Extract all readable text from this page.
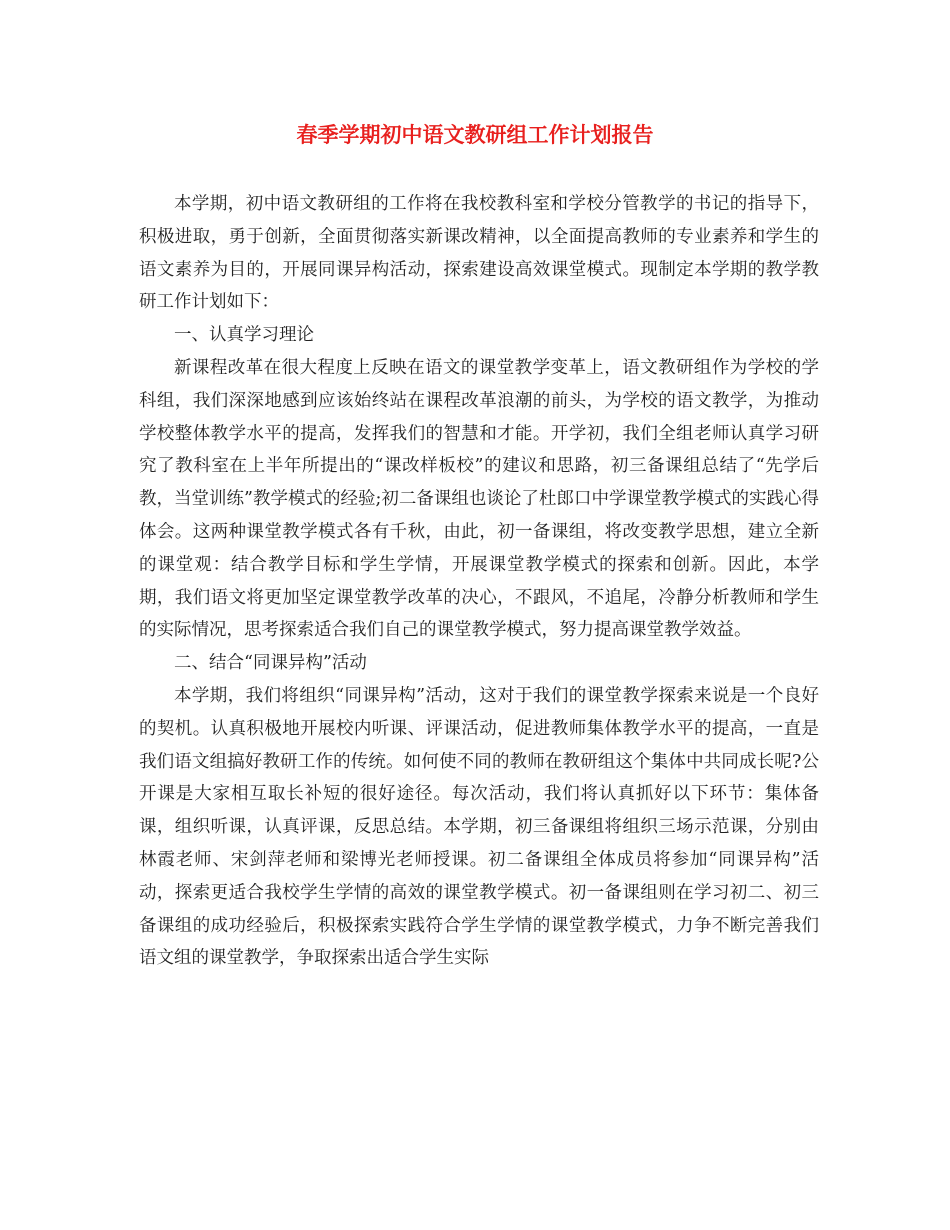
春季学期初中语文教研组工作计划报告

本学期，初中语文教研组的工作将在我校教科室和学校分管教学的书记的指导下，积极进取，勇于创新，全面贯彻落实新课改精神，以全面提高教师的专业素养和学生的语文素养为目的，开展同课异构活动，探索建设高效课堂模式。现制定本学期的教学教研工作计划如下：

一、认真学习理论

新课程改革在很大程度上反映在语文的课堂教学变革上，语文教研组作为学校的学科组，我们深深地感到应该始终站在课程改革浪潮的前头，为学校的语文教学，为推动学校整体教学水平的提高，发挥我们的智慧和才能。开学初，我们全组老师认真学习研究了教科室在上半年所提出的“课改样板校”的建议和思路，初三备课组总结了“先学后教，当堂训练”教学模式的经验;初二备课组也谈论了杜郎口中学课堂教学模式的实践心得体会。这两种课堂教学模式各有千秋，由此，初一备课组，将改变教学思想，建立全新的课堂观：结合教学目标和学生学情，开展课堂教学模式的探索和创新。因此，本学期，我们语文将更加坚定课堂教学改革的决心，不跟风，不追尾，冷静分析教师和学生的实际情况，思考探索适合我们自己的课堂教学模式，努力提高课堂教学效益。

二、结合“同课异构”活动

本学期，我们将组织“同课异构”活动，这对于我们的课堂教学探索来说是一个良好的契机。认真积极地开展校内听课、评课活动，促进教师集体教学水平的提高，一直是我们语文组搞好教研工作的传统。如何使不同的教师在教研组这个集体中共同成长呢?公开课是大家相互取长补短的很好途径。每次活动，我们将认真抓好以下环节：集体备课，组织听课，认真评课，反思总结。本学期，初三备课组将组织三场示范课，分别由林霞老师、宋剑萍老师和梁博光老师授课。初二备课组全体成员将参加“同课异构”活动，探索更适合我校学生学情的高效的课堂教学模式。初一备课组则在学习初二、初三备课组的成功经验后，积极探索实践符合学生学情的课堂教学模式，力争不断完善我们语文组的课堂教学，争取探索出适合学生实际
